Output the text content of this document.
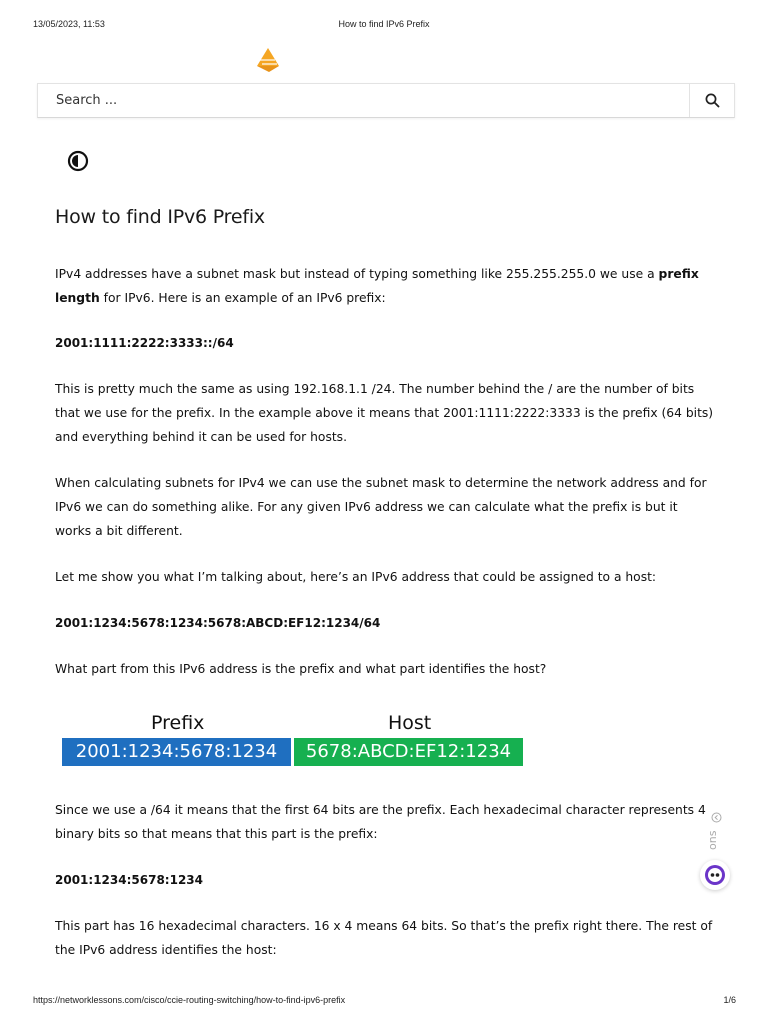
13/05/2023, 11:53	How to find IPv6 Prefix
Search ...
How to find IPv6 Prefix

IPv4 addresses have a subnet mask but instead of typing something like 255.255.255.0 we use a prefix length for IPv6. Here is an example of an IPv6 prefix:

2001:1111:2222:3333::/64

This is pretty much the same as using 192.168.1.1 /24. The number behind the / are the number of bits that we use for the prefix. In the example above it means that 2001:1111:2222:3333 is the prefix (64 bits) and everything behind it can be used for hosts.

When calculating subnets for IPv4 we can use the subnet mask to determine the network address and for IPv6 we can do something alike. For any given IPv6 address we can calculate what the prefix is but it works a bit different.

Let me show you what I’m talking about, here’s an IPv6 address that could be assigned to a host:

2001:1234:5678:1234:5678:ABCD:EF12:1234/64

What part from this IPv6 address is the prefix and what part identifies the host?

Prefix	Host
2001:1234:5678:1234	5678:ABCD:EF12:1234

Since we use a /64 it means that the first 64 bits are the prefix. Each hexadecimal character represents 4 binary bits so that means that this part is the prefix:

2001:1234:5678:1234

This part has 16 hexadecimal characters. 16 x 4 means 64 bits. So that’s the prefix right there. The rest of the IPv6 address identifies the host:

ons
https://networklessons.com/cisco/ccie-routing-switching/how-to-find-ipv6-prefix	1/6
